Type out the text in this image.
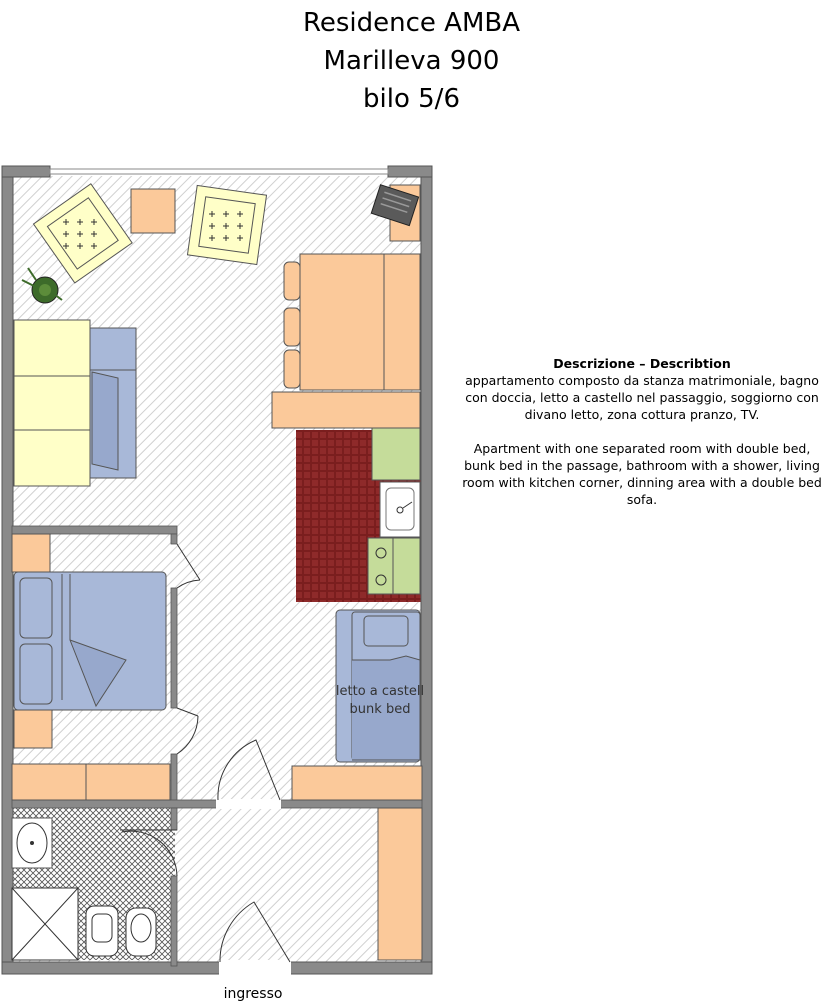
Residence AMBA
Marilleva 900
bilo 5/6
Descrizione – Describtion

appartamento composto da stanza matrimoniale, bagno con doccia, letto a castello nel passaggio, soggiorno con divano letto, zona cottura pranzo, TV.

Apartment with one separated room with double bed, bunk bed in the passage, bathroom with a shower, living room with kitchen corner, dinning area with a double bed sofa.

letto a castell
bunk bed
ingresso
